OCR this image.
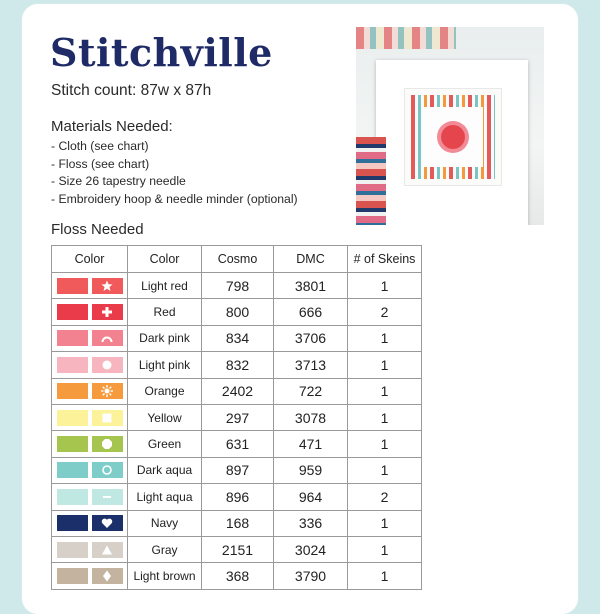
Stitchville
Stitch count: 87w x 87h
Materials Needed:
- Cloth (see chart)
- Floss (see chart)
- Size 26 tapestry needle
- Embroidery hoop & needle minder (optional)
Floss Needed
Color	Color	Cosmo	DMC	# of Skeins

	Light red	798	3801	1

	Red	800	666	2

	Dark pink	834	3706	1

	Light pink	832	3713	1

	Orange	2402	722	1

	Yellow	297	3078	1

	Green	631	471	1

	Dark aqua	897	959	1

	Light aqua	896	964	2

	Navy	168	336	1

	Gray	2151	3024	1

	Light brown	368	3790	1
